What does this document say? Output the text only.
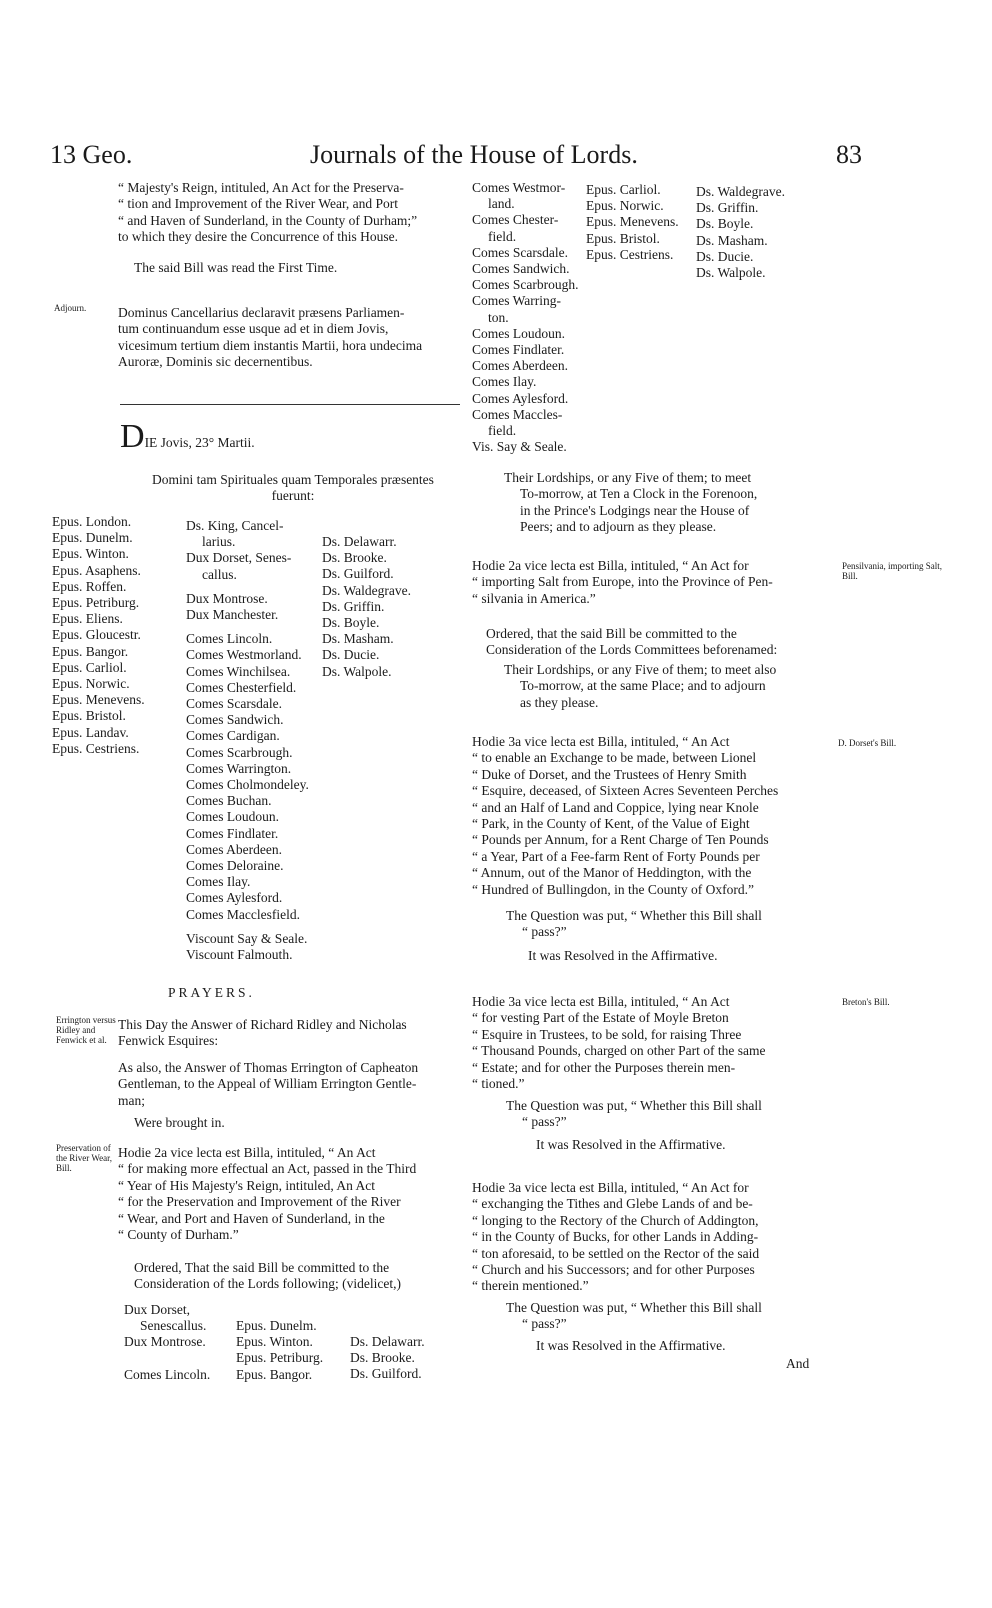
13 Geo.	Journals of the House of Lords.	83
“ Majesty's Reign, intituled, An Act for the Preserva-
“ tion and Improvement of the River Wear, and Port
“ and Haven of Sunderland, in the County of Durham;”
to which they desire the Concurrence of this House.
The said Bill was read the First Time.
Adjourn. Dominus Cancellarius declaravit præsens Parliamen-
tum continuandum esse usque ad et in diem Jovis,
vicesimum tertium diem instantis Martii, hora undecima
Auroræ, Dominis sic decernentibus.
DIE Jovis, 23° Martii.
Domini tam Spirituales quam Temporales præsentes
fuerunt:
Epus. London.
Epus. Dunelm.
Epus. Winton.
Epus. Asaphens.
Epus. Roffen.
Epus. Petriburg.
Epus. Eliens.
Epus. Gloucestr.
Epus. Bangor.
Epus. Carliol.
Epus. Norwic.
Epus. Menevens.
Epus. Bristol.
Epus. Landav.
Epus. Cestriens.
Ds. King, Cancel-
larius.
Dux Dorset, Senes-
callus.
Dux Montrose.
Dux Manchester.
Comes Lincoln.
Comes Westmorland.
Comes Winchilsea.
Comes Chesterfield.
Comes Scarsdale.
Comes Sandwich.
Comes Cardigan.
Comes Scarbrough.
Comes Warrington.
Comes Cholmondeley.
Comes Buchan.
Comes Loudoun.
Comes Findlater.
Comes Aberdeen.
Comes Deloraine.
Comes Ilay.
Comes Aylesford.
Comes Macclesfield.
Viscount Say & Seale.
Viscount Falmouth.
Ds. Delawarr.
Ds. Brooke.
Ds. Guilford.
Ds. Waldegrave.
Ds. Griffin.
Ds. Boyle.
Ds. Masham.
Ds. Ducie.
Ds. Walpole.
PRAYERS.
Errington versus Ridley and Fenwick et al.
This Day the Answer of Richard Ridley and Nicholas
Fenwick Esquires:
As also, the Answer of Thomas Errington of Capheaton
Gentleman, to the Appeal of William Errington Gentle-
man;
Were brought in.
Preservation of the River Wear, Bill.
Hodie 2a vice lecta est Billa, intituled, “ An Act
“ for making more effectual an Act, passed in the Third
“ Year of His Majesty's Reign, intituled, An Act
“ for the Preservation and Improvement of the River
“ Wear, and Port and Haven of Sunderland, in the
“ County of Durham.”
Ordered, That the said Bill be committed to the
Consideration of the Lords following; (videlicet,)
Dux Dorset,
Senescallus.
Dux Montrose.
Comes Lincoln.
Epus. Dunelm.
Epus. Winton.
Epus. Petriburg.
Epus. Bangor.
Ds. Delawarr.
Ds. Brooke.
Ds. Guilford.
Comes Westmor-
land.
Comes Chester-
field.
Comes Scarsdale.
Comes Sandwich.
Comes Scarbrough.
Comes Warring-
ton.
Comes Loudoun.
Comes Findlater.
Comes Aberdeen.
Comes Ilay.
Comes Aylesford.
Comes Maccles-
field.
Vis. Say & Seale.
Epus. Carliol.
Epus. Norwic.
Epus. Menevens.
Epus. Bristol.
Epus. Cestriens.
Ds. Waldegrave.
Ds. Griffin.
Ds. Boyle.
Ds. Masham.
Ds. Ducie.
Ds. Walpole.
Their Lordships, or any Five of them; to meet
To-morrow, at Ten a Clock in the Forenoon,
in the Prince's Lodgings near the House of
Peers; and to adjourn as they please.
Hodie 2a vice lecta est Billa, intituled, “ An Act for
“ importing Salt from Europe, into the Province of Pen-
“ silvania in America.”
Pensilvania, importing Salt, Bill.
Ordered, that the said Bill be committed to the
Consideration of the Lords Committees beforenamed:
Their Lordships, or any Five of them; to meet also
To-morrow, at the same Place; and to adjourn
as they please.
Hodie 3a vice lecta est Billa, intituled, “ An Act
“ to enable an Exchange to be made, between Lionel
“ Duke of Dorset, and the Trustees of Henry Smith
“ Esquire, deceased, of Sixteen Acres Seventeen Perches
“ and an Half of Land and Coppice, lying near Knole
“ Park, in the County of Kent, of the Value of Eight
“ Pounds per Annum, for a Rent Charge of Ten Pounds
“ a Year, Part of a Fee-farm Rent of Forty Pounds per
“ Annum, out of the Manor of Heddington, with the
“ Hundred of Bullingdon, in the County of Oxford.”
D. Dorset's Bill.
The Question was put, “ Whether this Bill shall
“ pass?”
It was Resolved in the Affirmative.
Hodie 3a vice lecta est Billa, intituled, “ An Act
“ for vesting Part of the Estate of Moyle Breton
“ Esquire in Trustees, to be sold, for raising Three
“ Thousand Pounds, charged on other Part of the same
“ Estate; and for other the Purposes therein men-
“ tioned.”
Breton's Bill.
The Question was put, “ Whether this Bill shall
“ pass?”
It was Resolved in the Affirmative.
Hodie 3a vice lecta est Billa, intituled, “ An Act for
“ exchanging the Tithes and Glebe Lands of and be-
“ longing to the Rectory of the Church of Addington,
“ in the County of Bucks, for other Lands in Adding-
“ ton aforesaid, to be settled on the Rector of the said
“ Church and his Successors; and for other Purposes
“ therein mentioned.”
The Question was put, “ Whether this Bill shall
“ pass?”
It was Resolved in the Affirmative.
And
